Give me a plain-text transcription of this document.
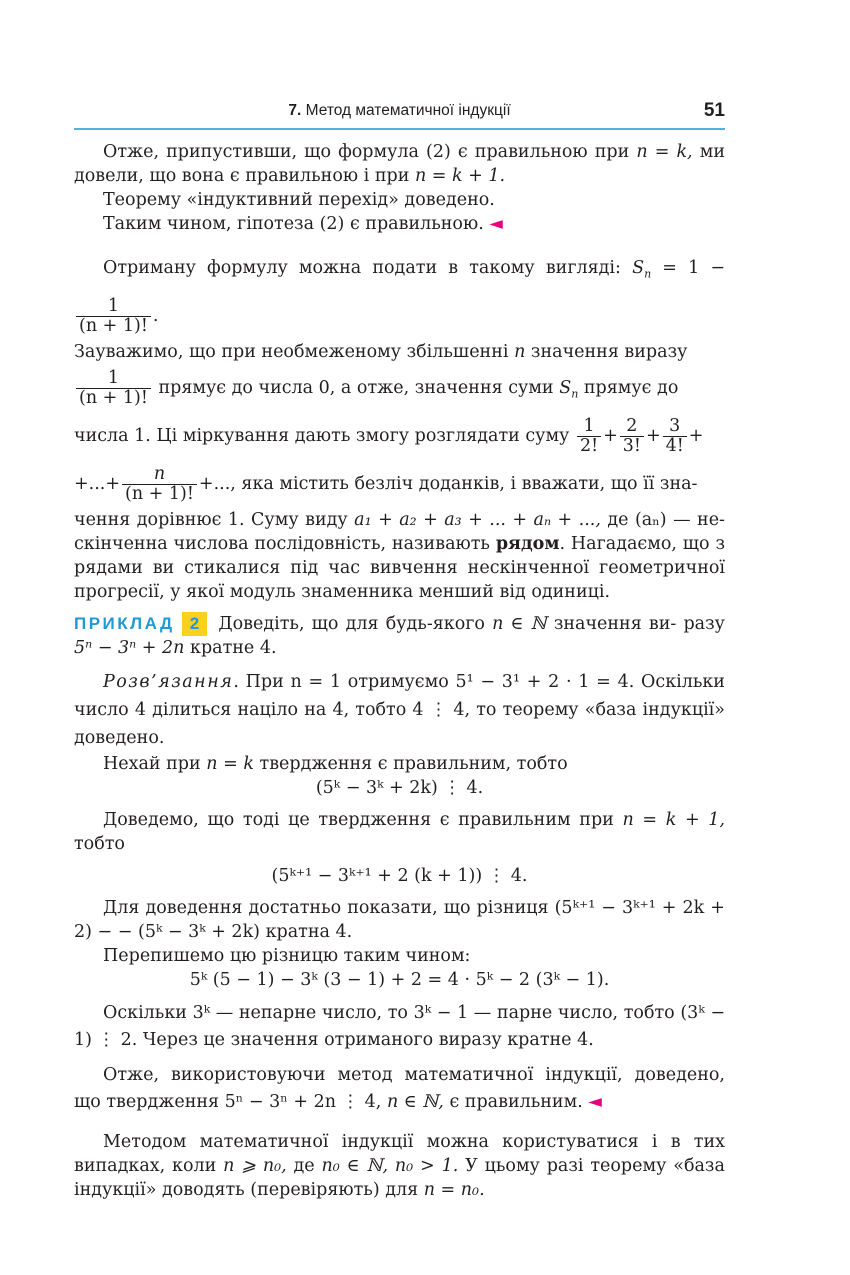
7. Метод математичної індукції	51

Отже, припустивши, що формула (2) є правильною при n = k, ми довели, що вона є правильною і при n = k + 1.

Теорему «індуктивний перехід» доведено.

Таким чином, гіпотеза (2) є правильною. ◄

Отриману формулу можна подати в такому вигляді: $S_n = 1$ −
$\frac{1}{(n + 1)!}$ .

Зауважимо, що при необмеженому збільшенні n значення виразу

$\frac{1}{(n + 1)!}$ прямує до числа 0, а отже, значення суми $S_n$ прямує до

числа 1. Ці міркування дають змогу розглядати суму $\frac{1}{2!} + \frac{2}{3!} + \frac{3}{4!}$ +

+...+ $\frac{n}{(n + 1)!}$ +..., яка містить безліч доданків, і вважати, що її зна-

чення дорівнює 1. Суму виду a₁ + a₂ + a₃ + ... + aₙ + ..., де (aₙ) — не- скінченна числова послідовність, називають рядом. Нагадаємо, що з рядами ви стикалися під час вивчення нескінченної геометричної прогресії, у якої модуль знаменника менший від одиниці.

ПРИКЛАД 2 Доведіть, що для будь-якого n ∈ ℕ значення ви- разу 5ⁿ − 3ⁿ + 2n кратне 4.

Розв’язання. При n = 1 отримуємо 5¹ − 3¹ + 2 · 1 = 4. Оскільки число 4 ділиться націло на 4, тобто 4 ⋮ 4, то теорему «база індукції» доведено.

Нехай при n = k твердження є правильним, тобто

(5ᵏ − 3ᵏ + 2k) ⋮ 4.

Доведемо, що тоді це твердження є правильним при n = k + 1, тобто

(5ᵏ⁺¹ − 3ᵏ⁺¹ + 2 (k + 1)) ⋮ 4.

Для доведення достатньо показати, що різниця (5ᵏ⁺¹ − 3ᵏ⁺¹ + 2k + 2) − − (5ᵏ − 3ᵏ + 2k) кратна 4.

Перепишемо цю різницю таким чином:

5ᵏ (5 − 1) − 3ᵏ (3 − 1) + 2 = 4 · 5ᵏ − 2 (3ᵏ − 1).

Оскільки 3ᵏ — непарне число, то 3ᵏ − 1 — парне число, тобто (3ᵏ − 1) ⋮ 2. Через це значення отриманого виразу кратне 4.

Отже, використовуючи метод математичної індукції, доведено, що твердження 5ⁿ − 3ⁿ + 2n ⋮ 4, n ∈ ℕ, є правильним. ◄

Методом математичної індукції можна користуватися і в тих випадках, коли n ⩾ n₀, де n₀ ∈ ℕ, n₀ > 1. У цьому разі теорему «база індукції» доводять (перевіряють) для n = n₀.
